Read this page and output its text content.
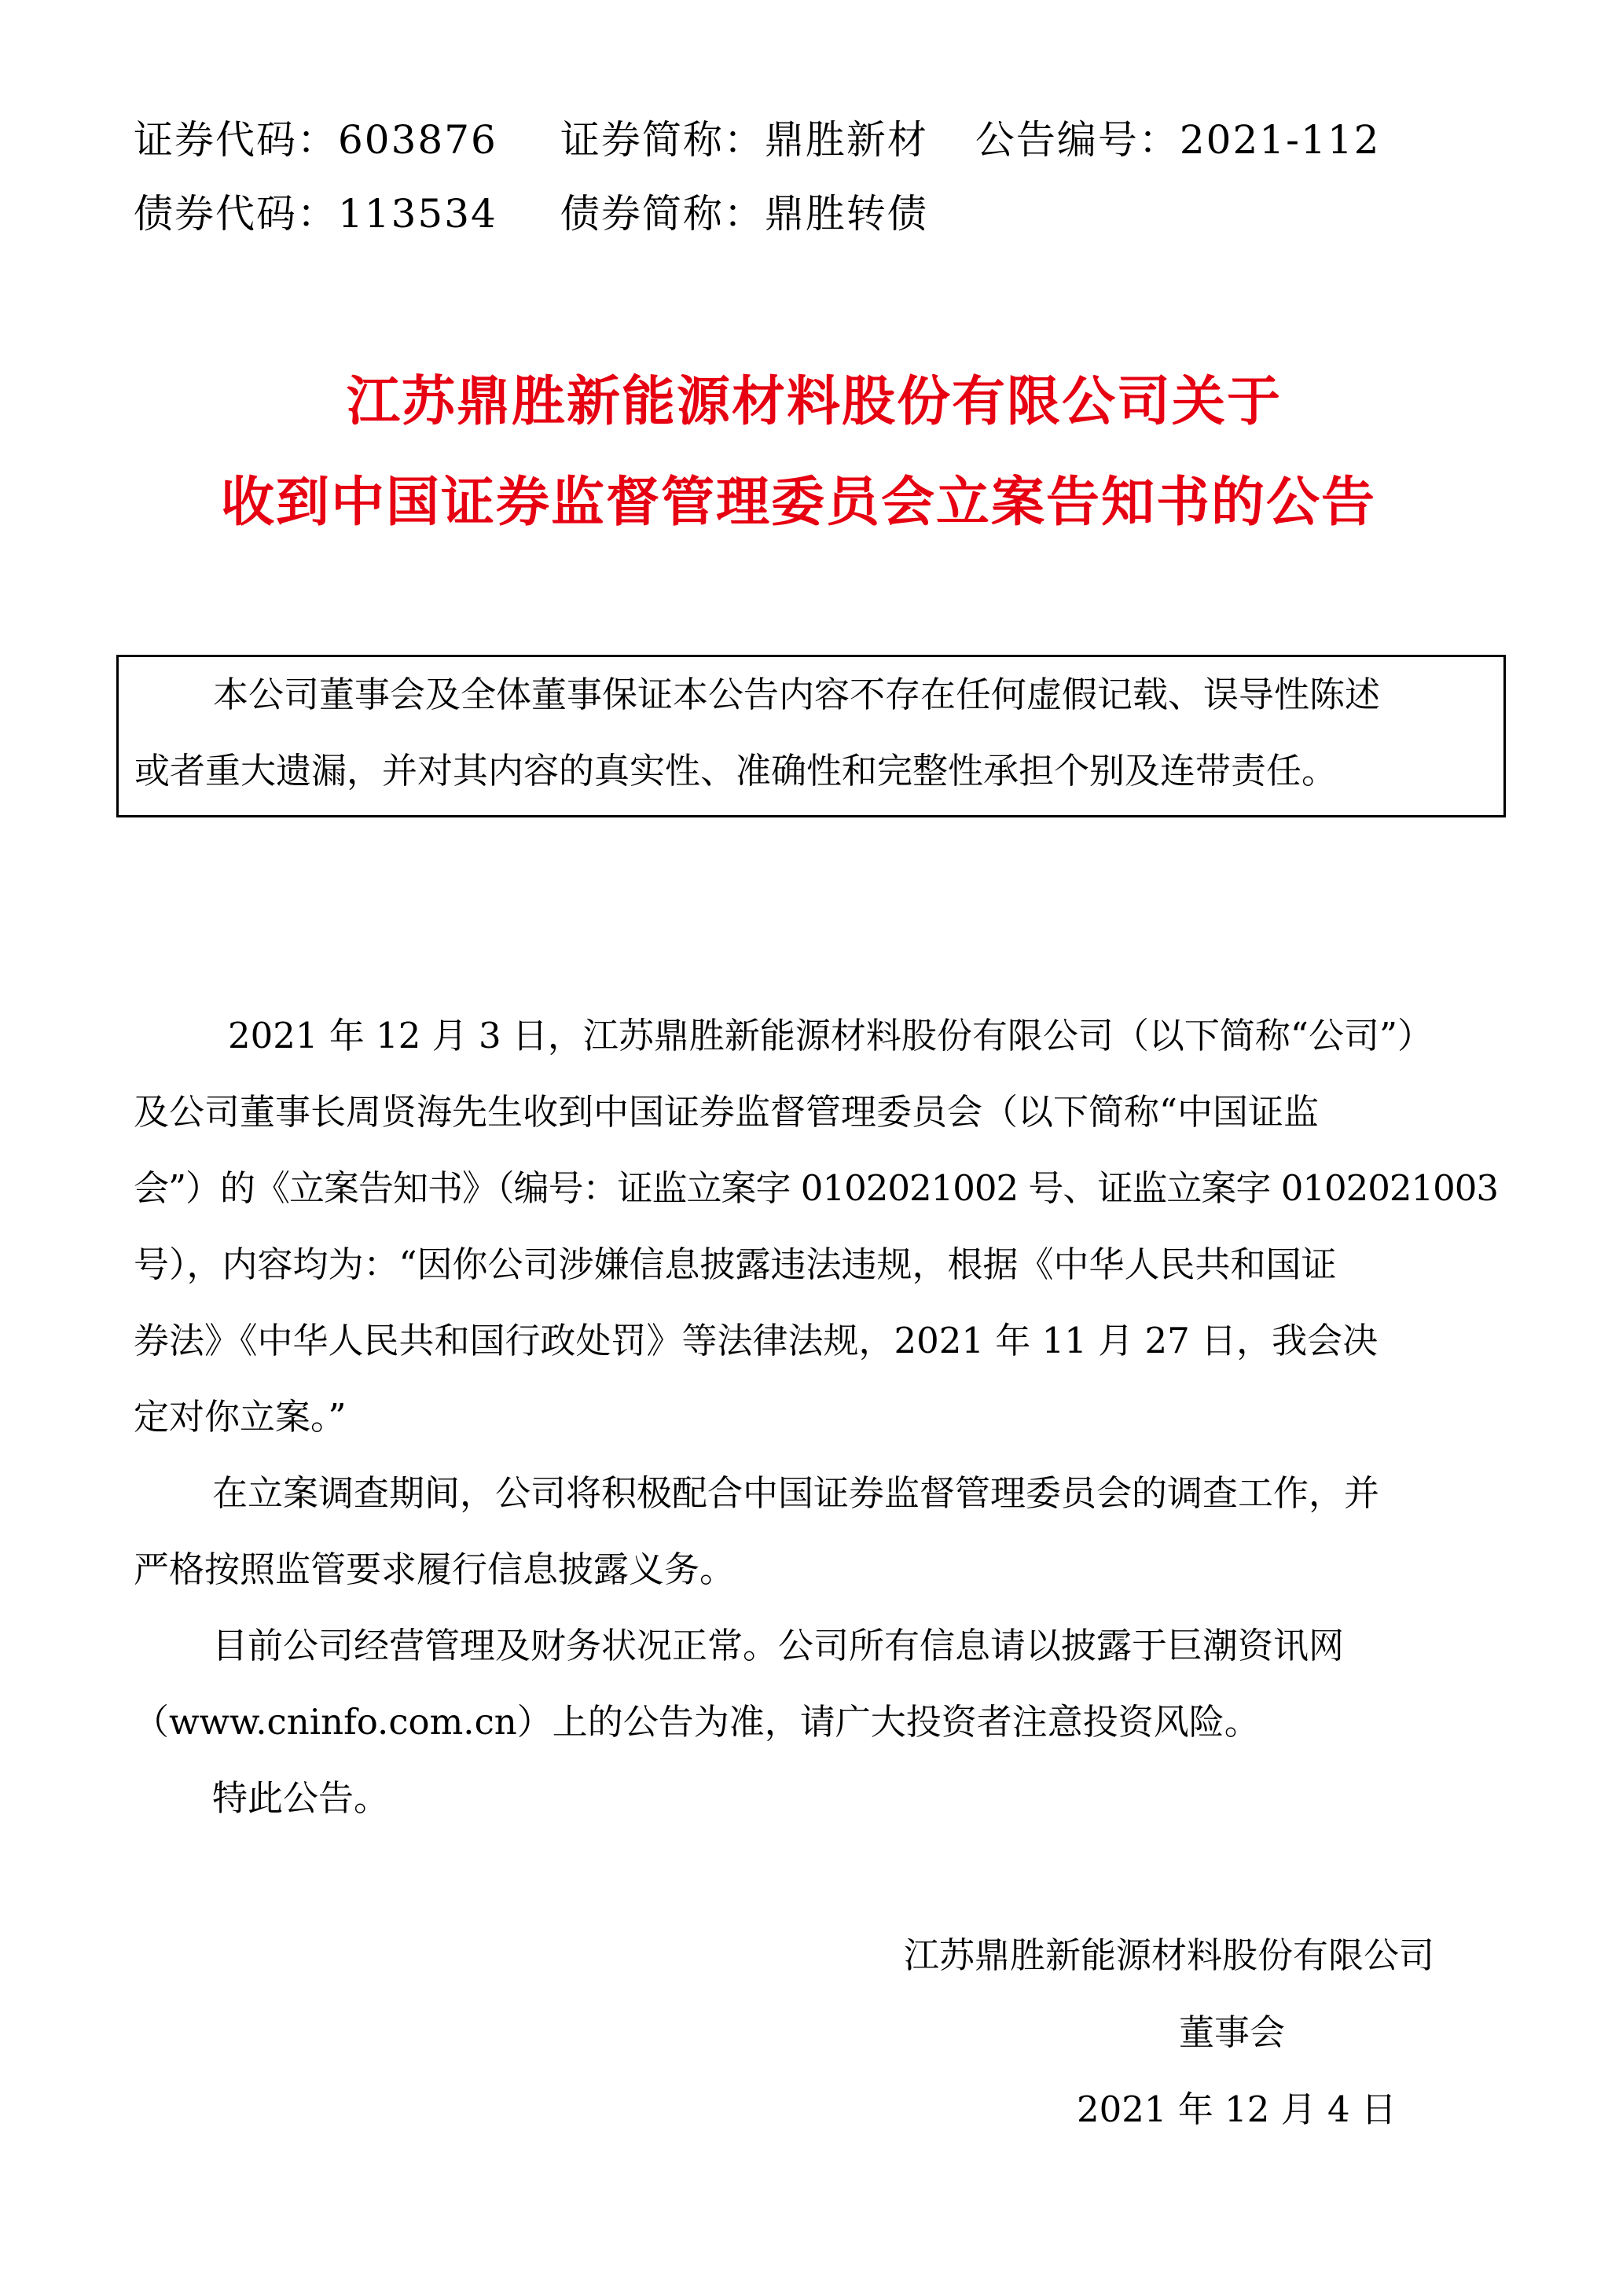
证券代码：603876 证券简称：鼎胜新材 公告编号：2021-112
债券代码：113534 债券简称：鼎胜转债
江苏鼎胜新能源材料股份有限公司关于
收到中国证券监督管理委员会立案告知书的公告

本公司董事会及全体董事保证本公告内容不存在任何虚假记载、误导性陈述

或者重大遗漏，并对其内容的真实性、准确性和完整性承担个别及连带责任。

2021 年 12 月 3 日，江苏鼎胜新能源材料股份有限公司（以下简称“公司”）
及公司董事长周贤海先生收到中国证券监督管理委员会（以下简称“中国证监
会”）的《立案告知书》（编号：证监立案字 0102021002 号、证监立案字 0102021003
号），内容均为：“因你公司涉嫌信息披露违法违规，根据《中华人民共和国证
券法》《中华人民共和国行政处罚》等法律法规，2021 年 11 月 27 日，我会决
定对你立案。”
在立案调查期间，公司将积极配合中国证券监督管理委员会的调查工作，并
严格按照监管要求履行信息披露义务。
目前公司经营管理及财务状况正常。公司所有信息请以披露于巨潮资讯网
（www.cninfo.com.cn）上的公告为准，请广大投资者注意投资风险。
特此公告。
江苏鼎胜新能源材料股份有限公司
董事会
2021 年 12 月 4 日
